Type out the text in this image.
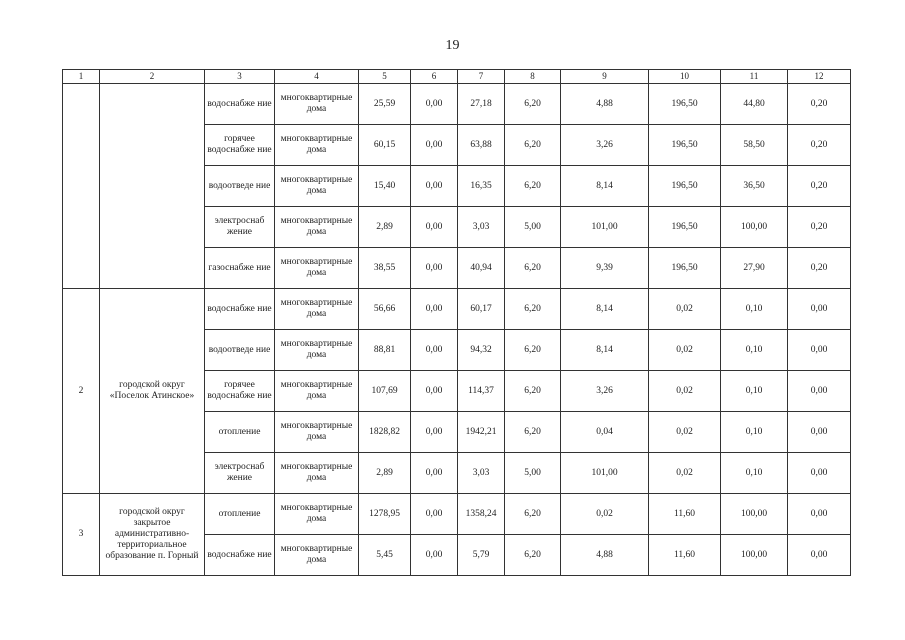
19
1	2	3	4	5	6	7	8	9	10	11	12
		водоснабже ние	многоквартирные дома	25,59	0,00	27,18	6,20	4,88	196,50	44,80	0,20
		горячее водоснабже ние	многоквартирные дома	60,15	0,00	63,88	6,20	3,26	196,50	58,50	0,20
		водоотведе ние	многоквартирные дома	15,40	0,00	16,35	6,20	8,14	196,50	36,50	0,20
		электроснаб жение	многоквартирные дома	2,89	0,00	3,03	5,00	101,00	196,50	100,00	0,20
		газоснабже ние	многоквартирные дома	38,55	0,00	40,94	6,20	9,39	196,50	27,90	0,20
2	городской округ «Поселок Атинское»	водоснабже ние	многоквартирные дома	56,66	0,00	60,17	6,20	8,14	0,02	0,10	0,00
		водоотведе ние	многоквартирные дома	88,81	0,00	94,32	6,20	8,14	0,02	0,10	0,00
		горячее водоснабже ние	многоквартирные дома	107,69	0,00	114,37	6,20	3,26	0,02	0,10	0,00
		отопление	многоквартирные дома	1828,82	0,00	1942,21	6,20	0,04	0,02	0,10	0,00
		электроснаб жение	многоквартирные дома	2,89	0,00	3,03	5,00	101,00	0,02	0,10	0,00
3	городской округ закрытое административно-территориальное образование п. Горный	отопление	многоквартирные дома	1278,95	0,00	1358,24	6,20	0,02	11,60	100,00	0,00
		водоснабже ние	многоквартирные дома	5,45	0,00	5,79	6,20	4,88	11,60	100,00	0,00
